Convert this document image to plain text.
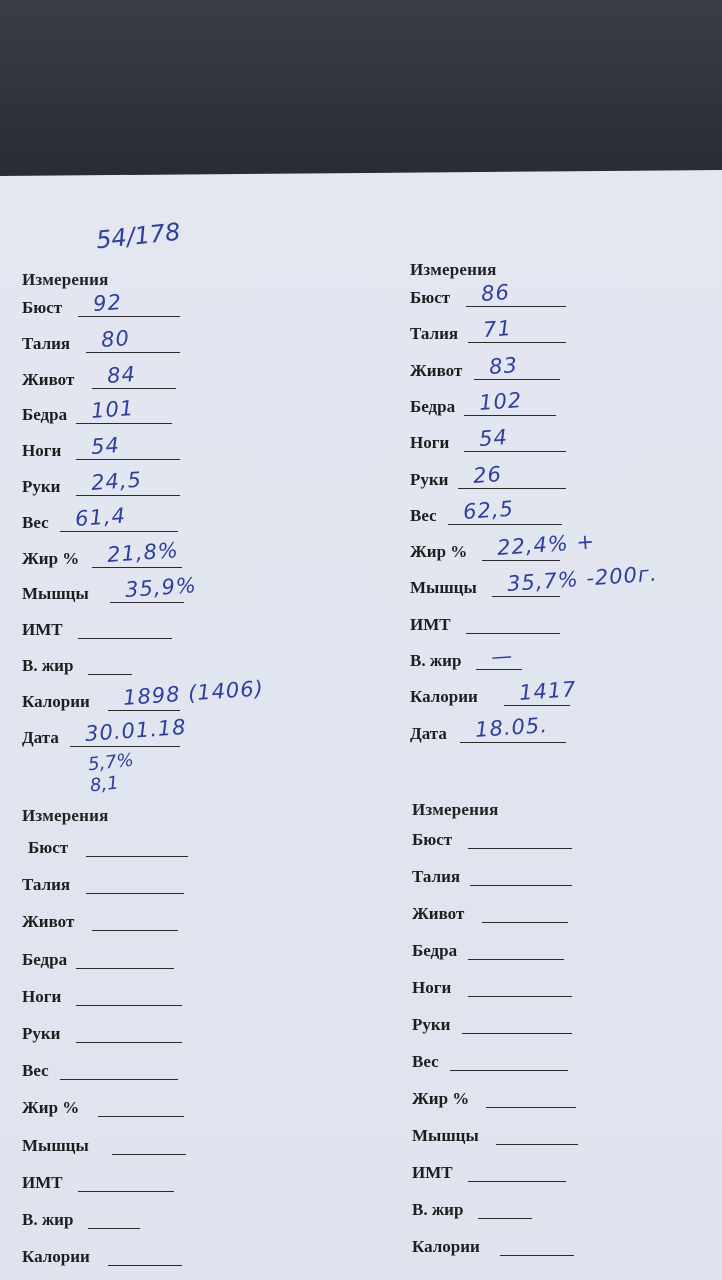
54/178
Измерения
Бюст 92
Талия 80
Живот 84
Бедра 101
Ноги 54
Руки 24,5
Вес 61,4
Жир % 21,8%
Мышцы 35,9%
ИМТ
В. жир
Калории 1898 (1406)
Дата 30.01.18
Измерения
Бюст 86
Талия 71
Живот 83
Бедра 102
Ноги 54
Руки 26
Вес 62,5
Жир % 22,4% +
Мышцы 35,7% -200г.
ИМТ
В. жир —
Калории 1417
Дата 18.05.
Измерения
Бюст
Талия
Живот
Бедра
Ноги
Руки
Вес
Жир %
Мышцы
ИМТ
В. жир
Калории
Измерения
Бюст
Талия
Живот
Бедра
Ноги
Руки
Вес
Жир %
Мышцы
ИМТ
В. жир
Калории
5,7%
8,1
